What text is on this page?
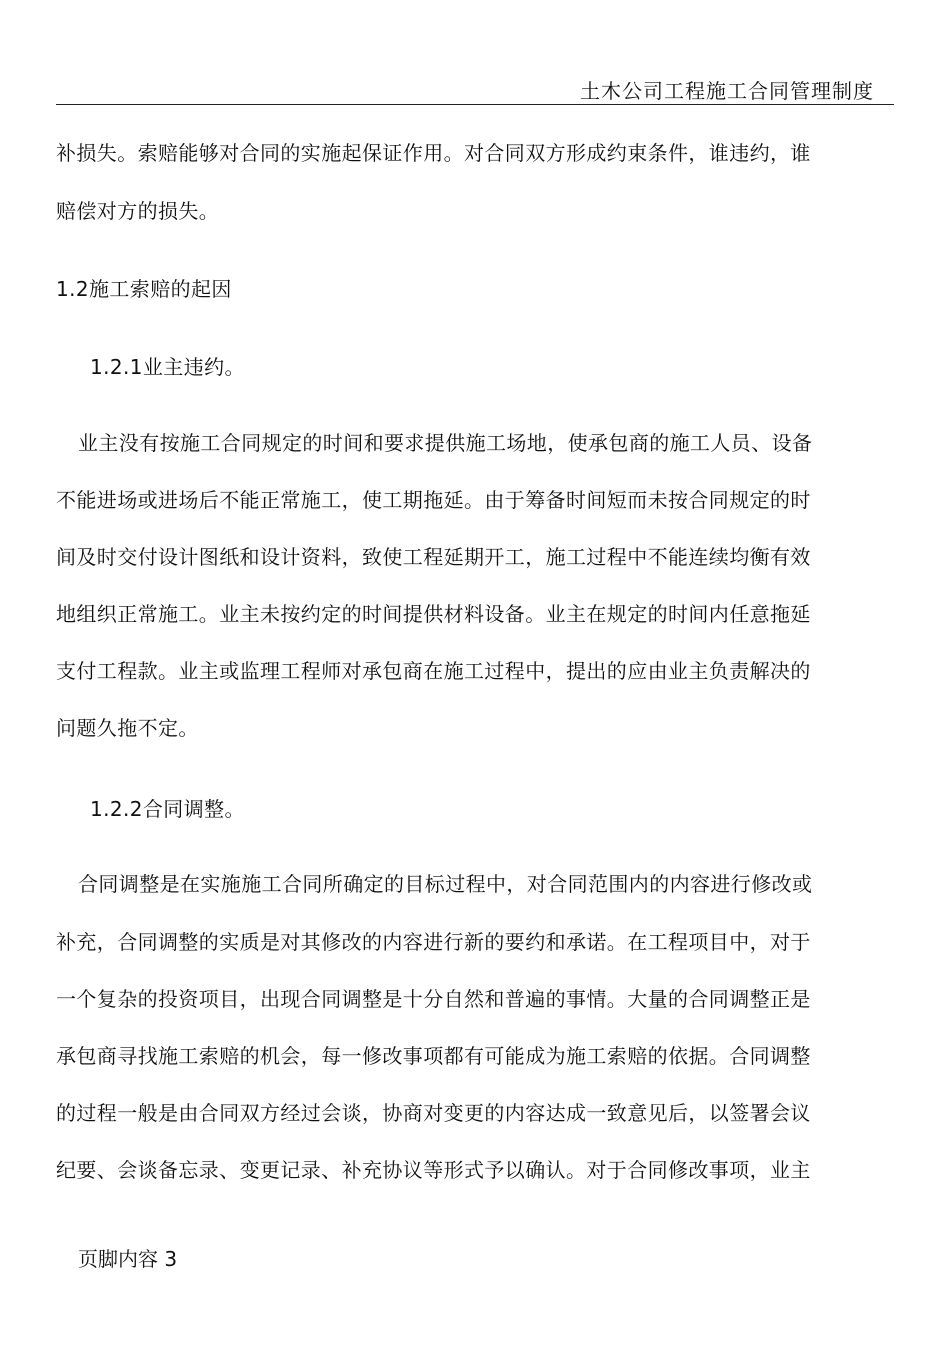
土木公司工程施工合同管理制度
补损失。索赔能够对合同的实施起保证作用。对合同双方形成约束条件，谁违约，谁
赔偿对方的损失。
1.2施工索赔的起因
1.2.1业主违约。
业主没有按施工合同规定的时间和要求提供施工场地，使承包商的施工人员、设备
不能进场或进场后不能正常施工，使工期拖延。由于筹备时间短而未按合同规定的时
间及时交付设计图纸和设计资料，致使工程延期开工，施工过程中不能连续均衡有效
地组织正常施工。业主未按约定的时间提供材料设备。业主在规定的时间内任意拖延
支付工程款。业主或监理工程师对承包商在施工过程中，提出的应由业主负责解决的
问题久拖不定。
1.2.2合同调整。
合同调整是在实施施工合同所确定的目标过程中，对合同范围内的内容进行修改或
补充，合同调整的实质是对其修改的内容进行新的要约和承诺。在工程项目中，对于
一个复杂的投资项目，出现合同调整是十分自然和普遍的事情。大量的合同调整正是
承包商寻找施工索赔的机会，每一修改事项都有可能成为施工索赔的依据。合同调整
的过程一般是由合同双方经过会谈，协商对变更的内容达成一致意见后，以签署会议
纪要、会谈备忘录、变更记录、补充协议等形式予以确认。对于合同修改事项，业主
页脚内容 3
